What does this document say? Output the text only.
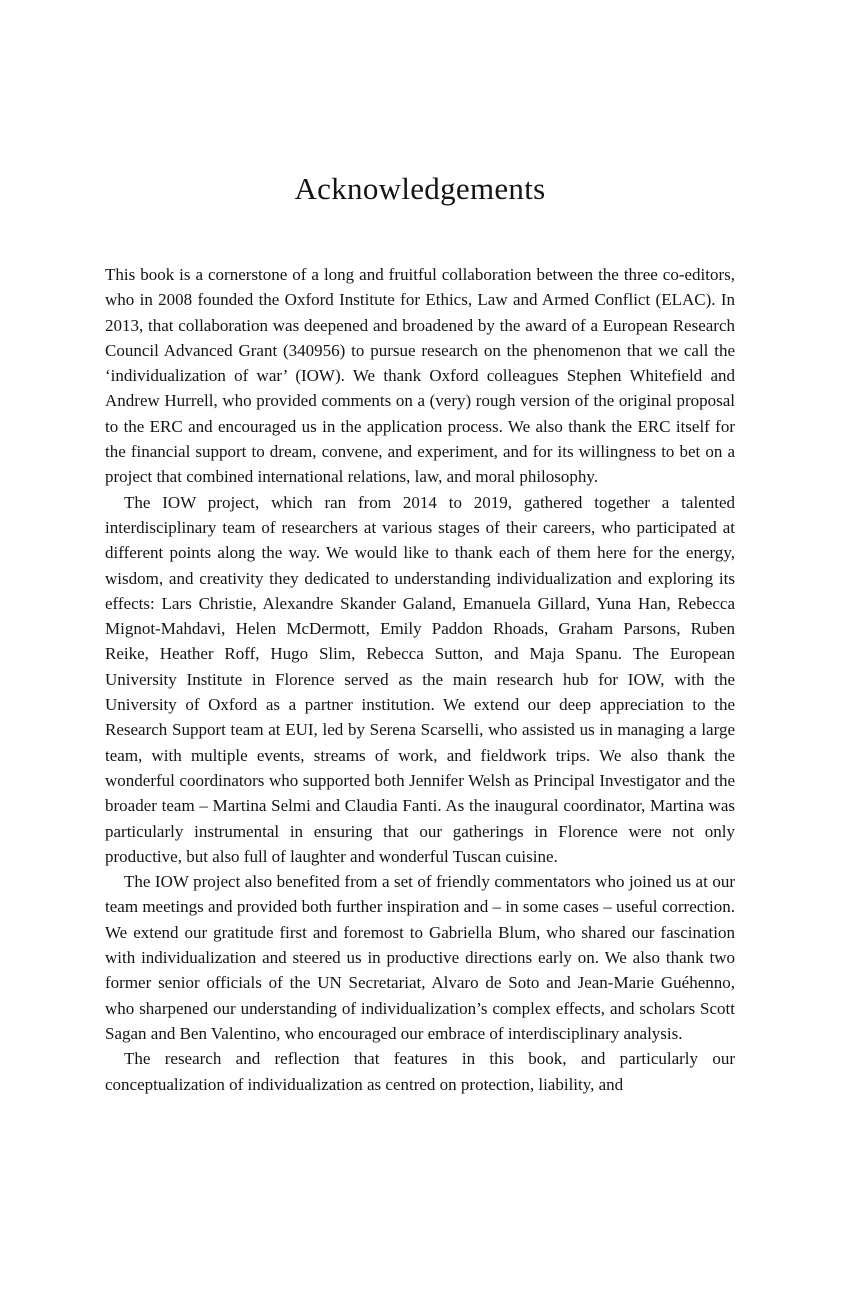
Acknowledgements

This book is a cornerstone of a long and fruitful collaboration between the three co-editors, who in 2008 founded the Oxford Institute for Ethics, Law and Armed Conflict (ELAC). In 2013, that collaboration was deepened and broadened by the award of a European Research Council Advanced Grant (340956) to pursue research on the phenomenon that we call the ‘individualization of war’ (IOW). We thank Oxford colleagues Stephen Whitefield and Andrew Hurrell, who provided comments on a (very) rough version of the original proposal to the ERC and encouraged us in the application process. We also thank the ERC itself for the financial support to dream, convene, and experiment, and for its willingness to bet on a project that combined international relations, law, and moral philosophy.

The IOW project, which ran from 2014 to 2019, gathered together a talented interdisciplinary team of researchers at various stages of their careers, who participated at different points along the way. We would like to thank each of them here for the energy, wisdom, and creativity they dedicated to understanding individualization and exploring its effects: Lars Christie, Alexandre Skander Galand, Emanuela Gillard, Yuna Han, Rebecca Mignot-Mahdavi, Helen McDermott, Emily Paddon Rhoads, Graham Parsons, Ruben Reike, Heather Roff, Hugo Slim, Rebecca Sutton, and Maja Spanu. The European University Institute in Florence served as the main research hub for IOW, with the University of Oxford as a partner institution. We extend our deep appreciation to the Research Support team at EUI, led by Serena Scarselli, who assisted us in managing a large team, with multiple events, streams of work, and fieldwork trips. We also thank the wonderful coordinators who supported both Jennifer Welsh as Principal Investigator and the broader team – Martina Selmi and Claudia Fanti. As the inaugural coordinator, Martina was particularly instrumental in ensuring that our gatherings in Florence were not only productive, but also full of laughter and wonderful Tuscan cuisine.

The IOW project also benefited from a set of friendly commentators who joined us at our team meetings and provided both further inspiration and – in some cases – useful correction. We extend our gratitude first and foremost to Gabriella Blum, who shared our fascination with individualization and steered us in productive directions early on. We also thank two former senior officials of the UN Secretariat, Alvaro de Soto and Jean-Marie Guéhenno, who sharpened our understanding of individualization’s complex effects, and scholars Scott Sagan and Ben Valentino, who encouraged our embrace of interdisciplinary analysis.

The research and reflection that features in this book, and particularly our conceptualization of individualization as centred on protection, liability, and
